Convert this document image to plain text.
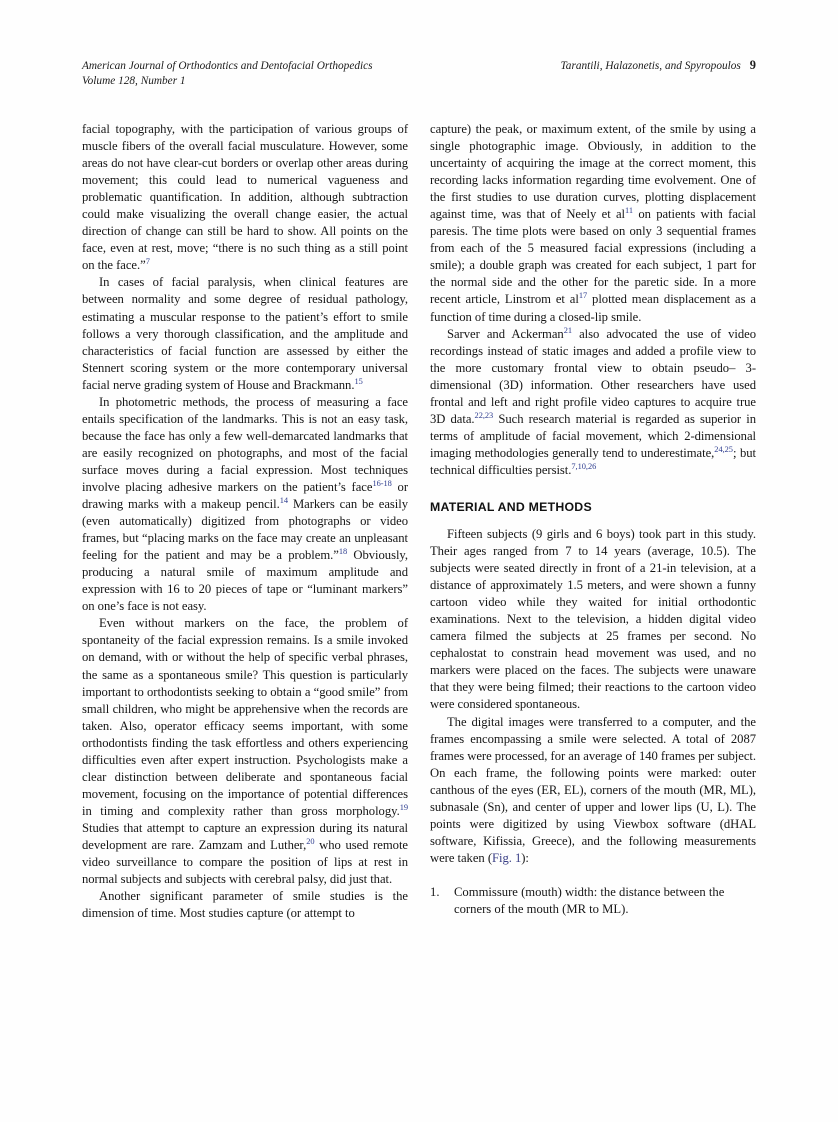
American Journal of Orthodontics and Dentofacial Orthopedics	Tarantili, Halazonetis, and Spyropoulos 9
Volume 128, Number 1

facial topography, with the participation of various groups of muscle fibers of the overall facial musculature. However, some areas do not have clear-cut borders or overlap other areas during movement; this could lead to numerical vagueness and problematic quantification. In addition, although subtraction could make visualizing the overall change easier, the actual direction of change can still be hard to show. All points on the face, even at rest, move; “there is no such thing as a still point on the face.”$^7$

In cases of facial paralysis, when clinical features are between normality and some degree of residual pathology, estimating a muscular response to the patient’s effort to smile follows a very thorough classification, and the amplitude and characteristics of facial function are assessed by either the Stennert scoring system or the more contemporary universal facial nerve grading system of House and Brackmann.$^{15}$

In photometric methods, the process of measuring a face entails specification of the landmarks. This is not an easy task, because the face has only a few well-demarcated landmarks that are easily recognized on photographs, and most of the facial surface moves during a facial expression. Most techniques involve placing adhesive markers on the patient’s face$^{16-18}$ or drawing marks with a makeup pencil.$^{14}$ Markers can be easily (even automatically) digitized from photographs or video frames, but “placing marks on the face may create an unpleasant feeling for the patient and may be a problem.”$^{18}$ Obviously, producing a natural smile of maximum amplitude and expression with 16 to 20 pieces of tape or “luminant markers” on one’s face is not easy.

Even without markers on the face, the problem of spontaneity of the facial expression remains. Is a smile invoked on demand, with or without the help of specific verbal phrases, the same as a spontaneous smile? This question is particularly important to orthodontists seeking to obtain a “good smile” from small children, who might be apprehensive when the records are taken. Also, operator efficacy seems important, with some orthodontists finding the task effortless and others experiencing difficulties even after expert instruction. Psychologists make a clear distinction between deliberate and spontaneous facial movement, focusing on the importance of potential differences in timing and complexity rather than gross morphology.$^{19}$ Studies that attempt to capture an expression during its natural development are rare. Zamzam and Luther,$^{20}$ who used remote video surveillance to compare the position of lips at rest in normal subjects and subjects with cerebral palsy, did just that.

Another significant parameter of smile studies is the dimension of time. Most studies capture (or attempt to

capture) the peak, or maximum extent, of the smile by using a single photographic image. Obviously, in addition to the uncertainty of acquiring the image at the correct moment, this recording lacks information regarding time evolvement. One of the first studies to use duration curves, plotting displacement against time, was that of Neely et al$^{11}$ on patients with facial paresis. The time plots were based on only 3 sequential frames from each of the 5 measured facial expressions (including a smile); a double graph was created for each subject, 1 part for the normal side and the other for the paretic side. In a more recent article, Linstrom et al$^{17}$ plotted mean displacement as a function of time during a closed-lip smile.

Sarver and Ackerman$^{21}$ also advocated the use of video recordings instead of static images and added a profile view to the more customary frontal view to obtain pseudo– 3-dimensional (3D) information. Other researchers have used frontal and left and right profile video captures to acquire true 3D data.$^{22,23}$ Such research material is regarded as superior in terms of amplitude of facial movement, which 2-dimensional imaging methodologies generally tend to underestimate,$^{24,25}$; but technical difficulties persist.$^{7,10,26}$

MATERIAL AND METHODS

Fifteen subjects (9 girls and 6 boys) took part in this study. Their ages ranged from 7 to 14 years (average, 10.5). The subjects were seated directly in front of a 21-in television, at a distance of approximately 1.5 meters, and were shown a funny cartoon video while they waited for initial orthodontic examinations. Next to the television, a hidden digital video camera filmed the subjects at 25 frames per second. No cephalostat to constrain head movement was used, and no markers were placed on the faces. The subjects were unaware that they were being filmed; their reactions to the cartoon video were considered spontaneous.

The digital images were transferred to a computer, and the frames encompassing a smile were selected. A total of 2087 frames were processed, for an average of 140 frames per subject. On each frame, the following points were marked: outer canthous of the eyes (ER, EL), corners of the mouth (MR, ML), subnasale (Sn), and center of upper and lower lips (U, L). The points were digitized by using Viewbox software (dHAL software, Kifissia, Greece), and the following measurements were taken (Fig. 1):

1. Commissure (mouth) width: the distance between the corners of the mouth (MR to ML).
